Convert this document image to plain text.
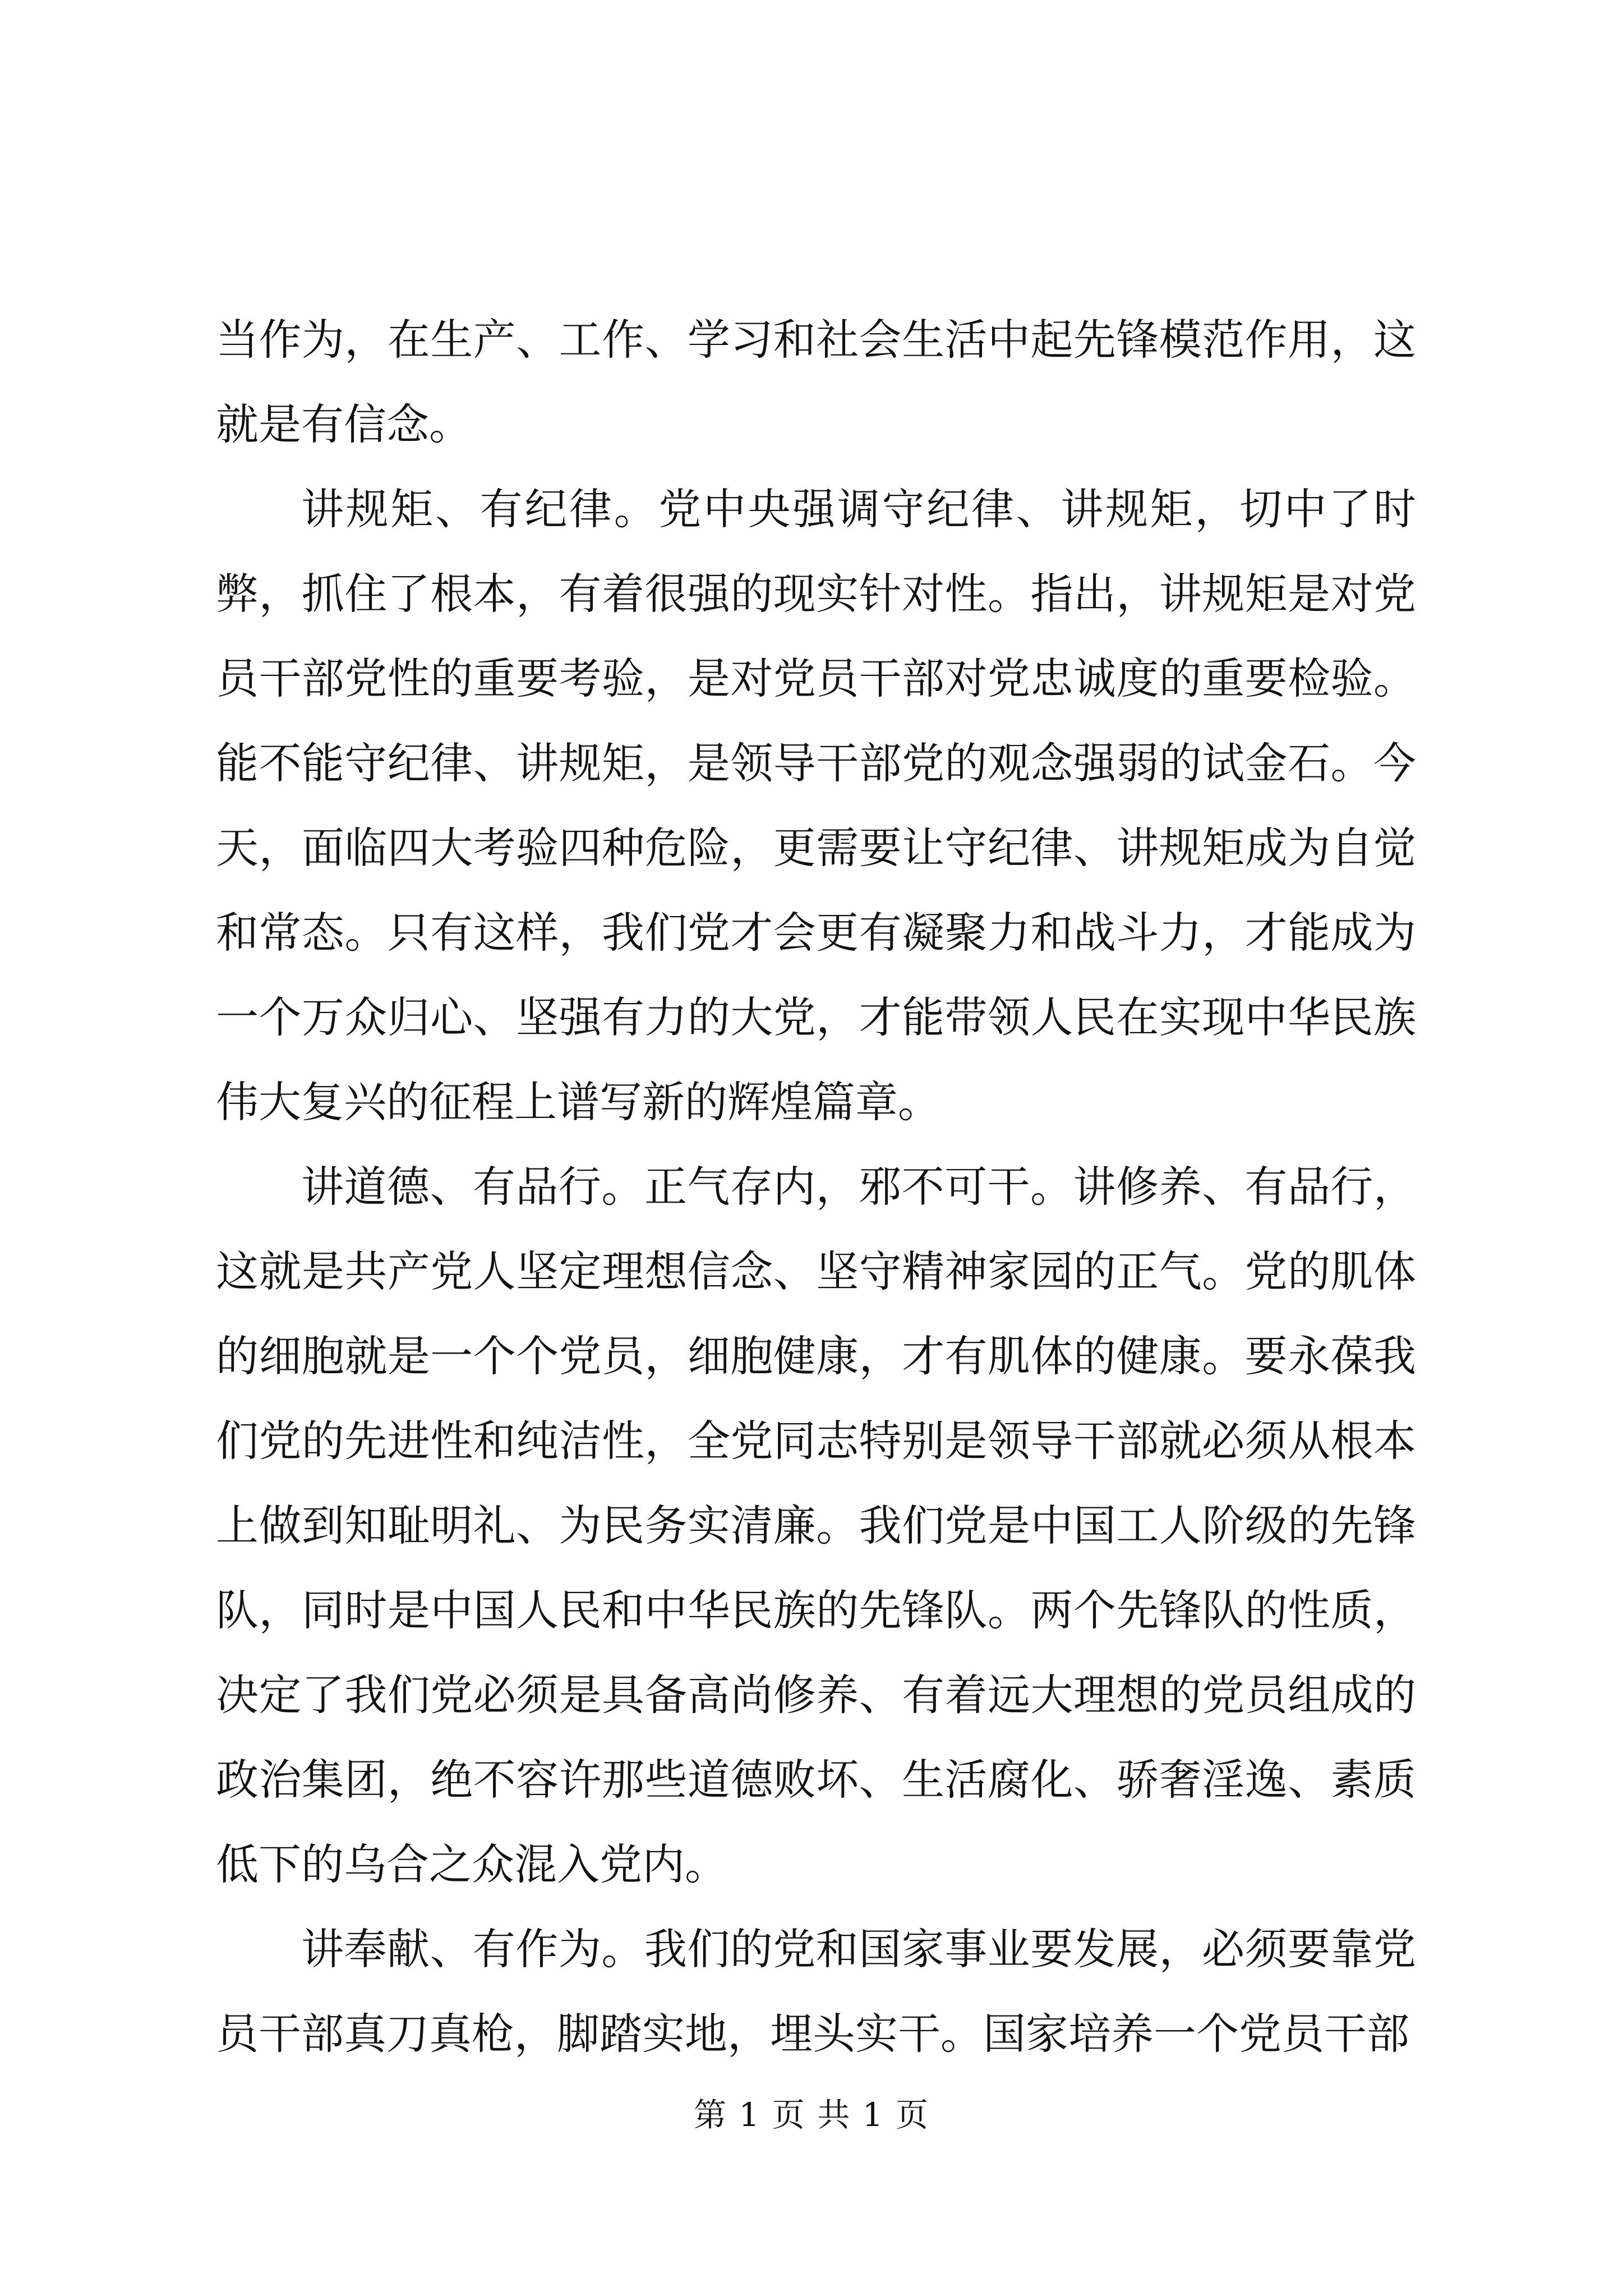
当作为，在生产、工作、学习和社会生活中起先锋模范作用，这就是有信念。

讲规矩、有纪律。党中央强调守纪律、讲规矩，切中了时弊，抓住了根本，有着很强的现实针对性。指出，讲规矩是对党员干部党性的重要考验，是对党员干部对党忠诚度的重要检验。能不能守纪律、讲规矩，是领导干部党的观念强弱的试金石。今天，面临四大考验四种危险，更需要让守纪律、讲规矩成为自觉和常态。只有这样，我们党才会更有凝聚力和战斗力，才能成为一个万众归心、坚强有力的大党，才能带领人民在实现中华民族伟大复兴的征程上谱写新的辉煌篇章。

讲道德、有品行。正气存内，邪不可干。讲修养、有品行，这就是共产党人坚定理想信念、坚守精神家园的正气。党的肌体的细胞就是一个个党员，细胞健康，才有肌体的健康。要永葆我们党的先进性和纯洁性，全党同志特别是领导干部就必须从根本上做到知耻明礼、为民务实清廉。我们党是中国工人阶级的先锋队，同时是中国人民和中华民族的先锋队。两个先锋队的性质，决定了我们党必须是具备高尚修养、有着远大理想的党员组成的政治集团，绝不容许那些道德败坏、生活腐化、骄奢淫逸、素质低下的乌合之众混入党内。

讲奉献、有作为。我们的党和国家事业要发展，必须要靠党员干部真刀真枪，脚踏实地，埋头实干。国家培养一个党员干部

第 1 页 共 1 页
